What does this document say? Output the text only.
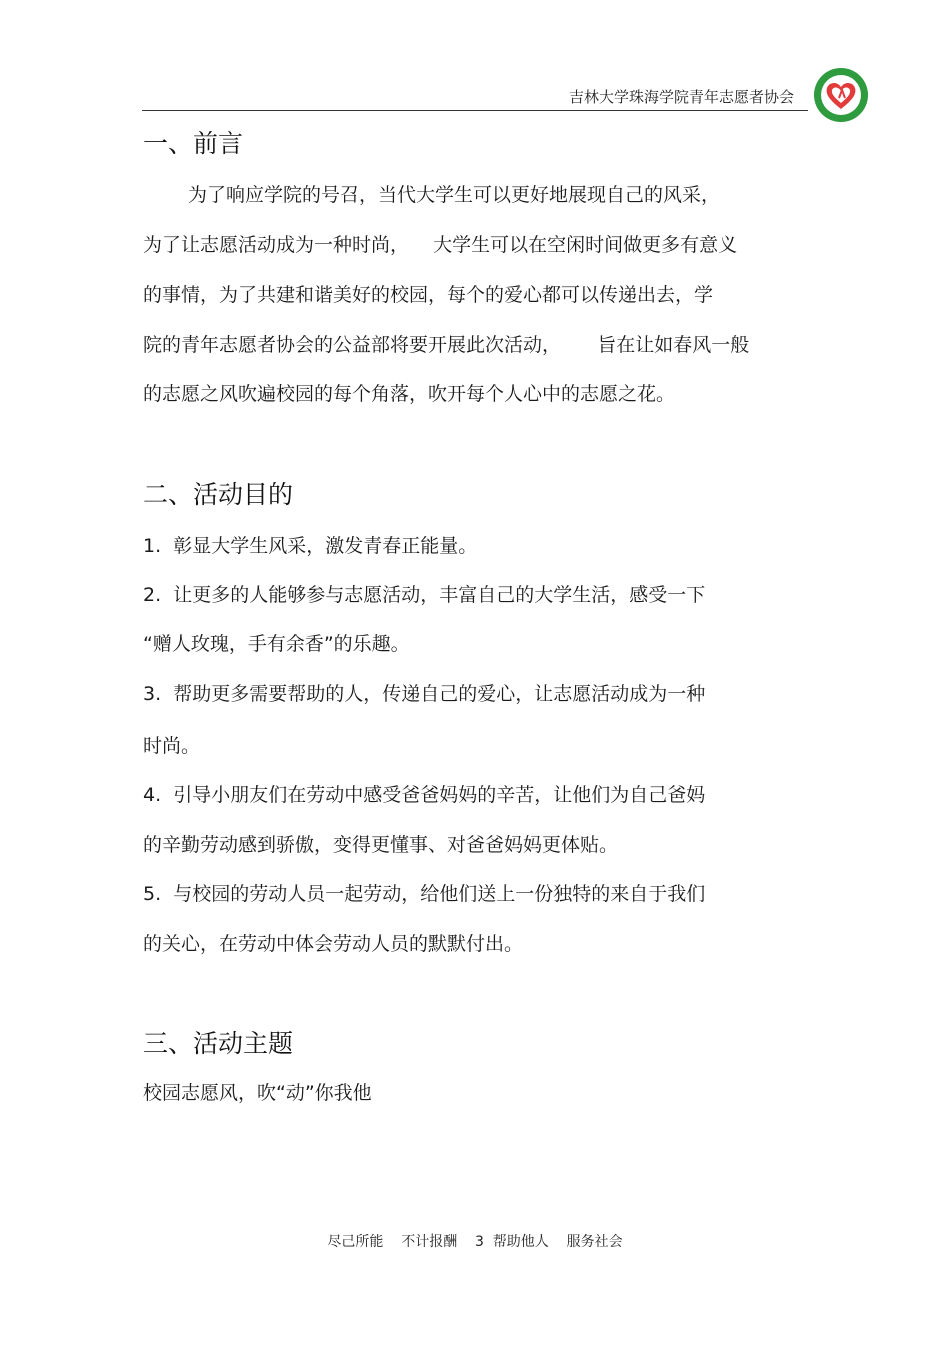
吉林大学珠海学院青年志愿者协会
一、前言
为了响应学院的号召，当代大学生可以更好地展现自己的风采，
为了让志愿活动成为一种时尚，    大学生可以在空闲时间做更多有意义
的事情，为了共建和谐美好的校园，每个的爱心都可以传递出去，学
院的青年志愿者协会的公益部将要开展此次活动，      旨在让如春风一般
的志愿之风吹遍校园的每个角落，吹开每个人心中的志愿之花。
二、活动目的
1.  彰显大学生风采，激发青春正能量。
2.  让更多的人能够参与志愿活动，丰富自己的大学生活，感受一下
“赠人玫瑰，手有余香”的乐趣。
3.  帮助更多需要帮助的人，传递自己的爱心，让志愿活动成为一种
时尚。
4.  引导小朋友们在劳动中感受爸爸妈妈的辛苦，让他们为自己爸妈
的辛勤劳动感到骄傲，变得更懂事、对爸爸妈妈更体贴。
5.  与校园的劳动人员一起劳动，给他们送上一份独特的来自于我们
的关心，在劳动中体会劳动人员的默默付出。
三、活动主题
校园志愿风，吹“动”你我他
尽己所能    不计报酬    3  帮助他人    服务社会
